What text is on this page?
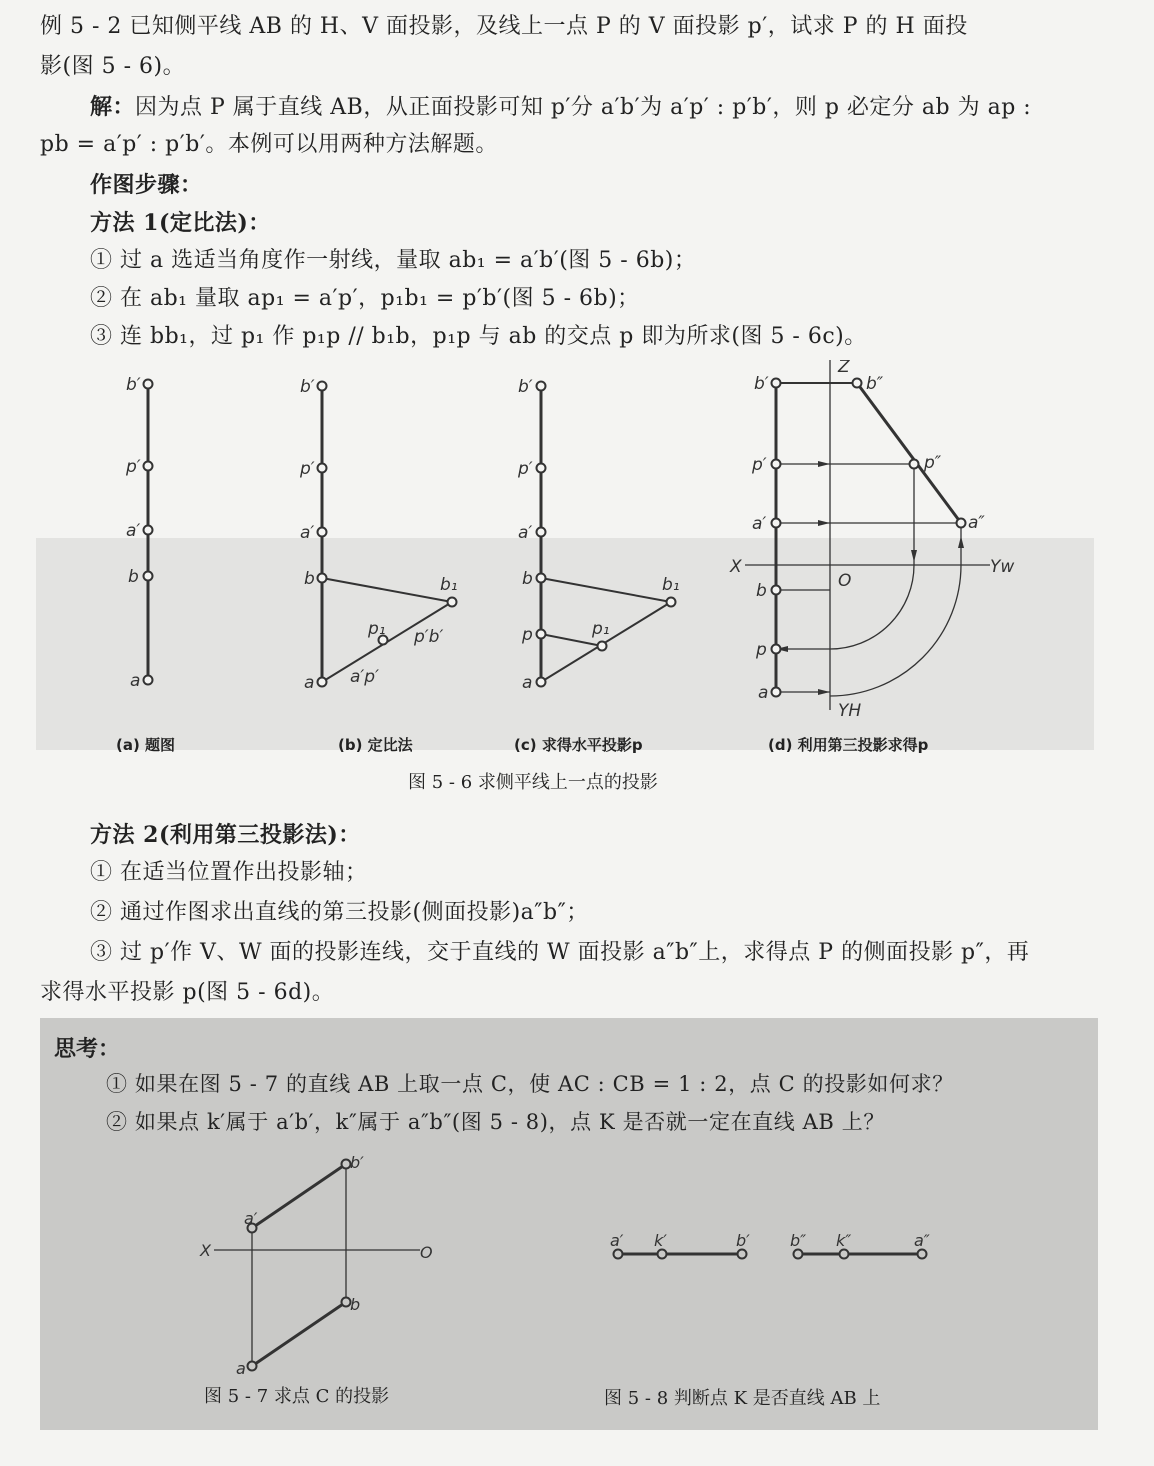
例 5 - 2 已知侧平线 AB 的 H、V 面投影，及线上一点 P 的 V 面投影 p′，试求 P 的 H 面投
影(图 5 - 6)。
解：因为点 P 属于直线 AB，从正面投影可知 p′分 a′b′为 a′p′ : p′b′，则 p 必定分 ab 为 ap :
pb = a′p′ : p′b′。本例可以用两种方法解题。
作图步骤：
方法 1(定比法)：
① 过 a 选适当角度作一射线，量取 ab₁ = a′b′(图 5 - 6b)；
② 在 ab₁ 量取 ap₁ = a′p′，p₁b₁ = p′b′(图 5 - 6b)；
③ 连 bb₁，过 p₁ 作 p₁p // b₁b，p₁p 与 ab 的交点 p 即为所求(图 5 - 6c)。
b′
p′
a′
b
a
b′
p′
a′
b
a
b₁
p₁ p′b′
a′p′
b′
p′
a′
b
p
a
b₁
p₁
Z
b′	b″
p′	p″
a′	a″
X
O
Yw
b
p
a
YH
(a) 题图	(b) 定比法	(c) 求得水平投影p	(d) 利用第三投影求得p
图 5 - 6 求侧平线上一点的投影
方法 2(利用第三投影法)：
① 在适当位置作出投影轴；
② 通过作图求出直线的第三投影(侧面投影)a″b″；
③ 过 p′作 V、W 面的投影连线，交于直线的 W 面投影 a″b″上，求得点 P 的侧面投影 p″，再
求得水平投影 p(图 5 - 6d)。
思考：
① 如果在图 5 - 7 的直线 AB 上取一点 C，使 AC : CB = 1 : 2，点 C 的投影如何求？
② 如果点 k′属于 a′b′，k″属于 a″b″(图 5 - 8)，点 K 是否就一定在直线 AB 上？
b′
a′
X	O
b
a
a′ k′	b′	b″ k″	a″
图 5 - 7 求点 C 的投影	图 5 - 8 判断点 K 是否直线 AB 上
